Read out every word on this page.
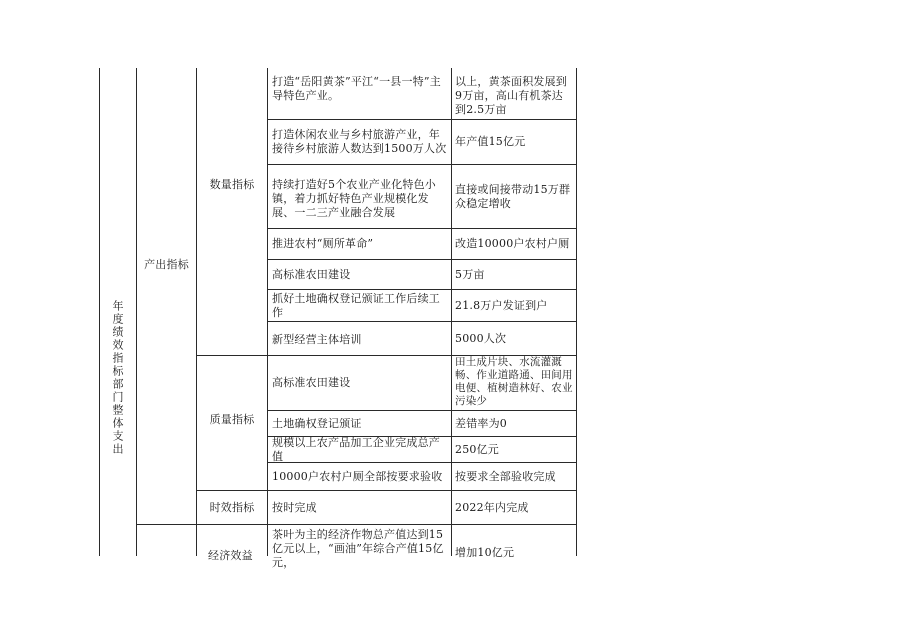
年度绩效指标部门整体支出
产出指标
数量指标
质量指标
时效指标
经济效益
打造“岳阳黄茶”平江“一县一特”主导特色产业。
打造休闲农业与乡村旅游产业，年接待乡村旅游人数达到1500万人次
持续打造好5个农业产业化特色小镇，着力抓好特色产业规模化发展、一二三产业融合发展
推进农村“厕所革命”
高标准农田建设
抓好土地确权登记颁证工作后续工作
新型经营主体培训
高标准农田建设
土地确权登记颁证
规模以上农产品加工企业完成总产值
10000户农村户厕全部按要求验收
按时完成
茶叶为主的经济作物总产值达到15亿元以上，“画油”年综合产值15亿元，
以上，黄茶面积发展到9万亩，高山有机茶达到2.5万亩
年产值15亿元
直接或间接带动15万群众稳定增收
改造10000户农村户厕
5万亩
21.8万户发证到户
5000人次
田土成片块、水流灌溉畅、作业道路通、田间用电便、植树造林好、农业污染少
差错率为0
250亿元
按要求全部验收完成
2022年内完成
增加10亿元
